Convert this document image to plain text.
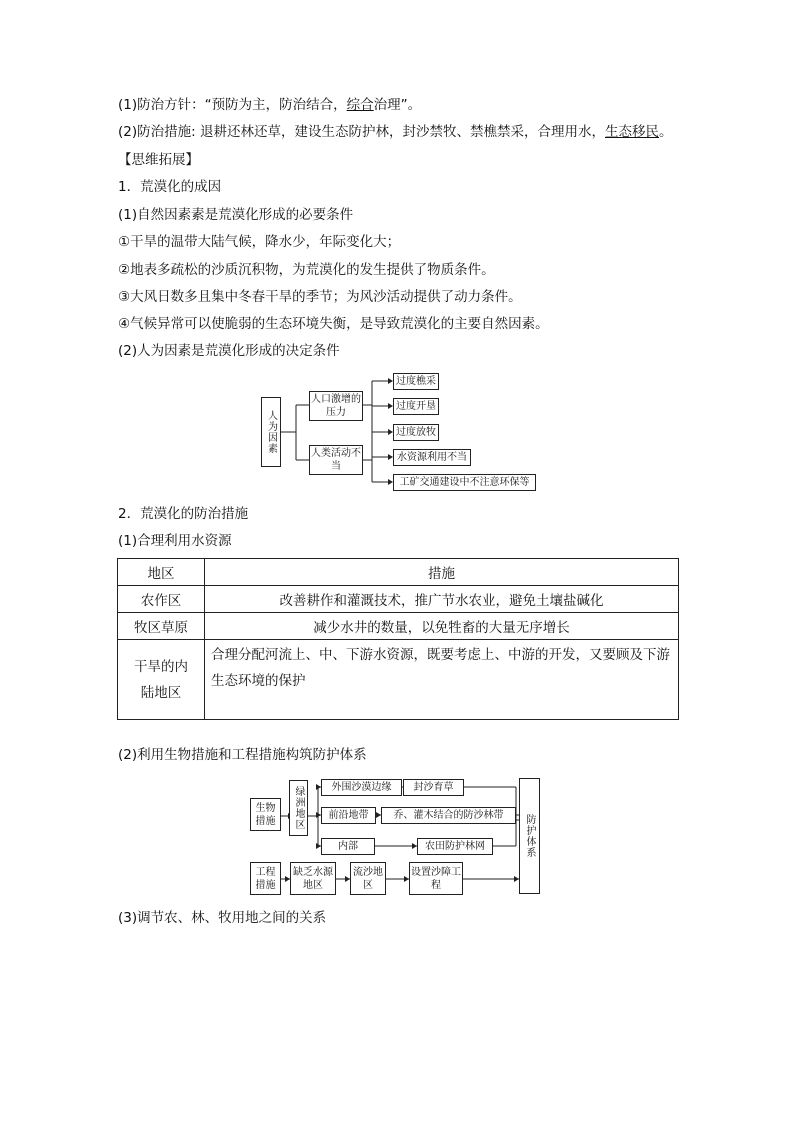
(1)防治方针：“预防为主，防治结合，综合治理”。
(2)防治措施: 退耕还林还草，建设生态防护林，封沙禁牧、禁樵禁采，合理用水，生态移民。
【思维拓展】
1．荒漠化的成因
(1)自然因素素是荒漠化形成的必要条件
①干旱的温带大陆气候，降水少，年际变化大；
②地表多疏松的沙质沉积物，为荒漠化的发生提供了物质条件。
③大风日数多且集中冬春干旱的季节；为风沙活动提供了动力条件。
④气候异常可以使脆弱的生态环境失衡，是导致荒漠化的主要自然因素。
(2)人为因素是荒漠化形成的决定条件
人为因素
人口激增的压力
人类活动不当
过度樵采
过度开垦
过度放牧
水资源利用不当
工矿交通建设中不注意环保等
2．荒漠化的防治措施
(1)合理利用水资源
地区	措施
农作区	改善耕作和灌溉技术，推广节水农业，避免土壤盐碱化
牧区草原	减少水井的数量，以免牲畜的大量无序增长
干旱的内陆地区	合理分配河流上、中、下游水资源，既要考虑上、中游的开发，又要顾及下游生态环境的保护
(2)利用生物措施和工程措施构筑防护体系
生物措施	绿洲地区	外围沙漠边缘
前沿地带
内部
封沙育草
乔、灌木结合的防沙林带
农田防护林网	防护体系
工程措施
缺乏水源地区
流沙地区
设置沙障工程
(3)调节农、林、牧用地之间的关系
